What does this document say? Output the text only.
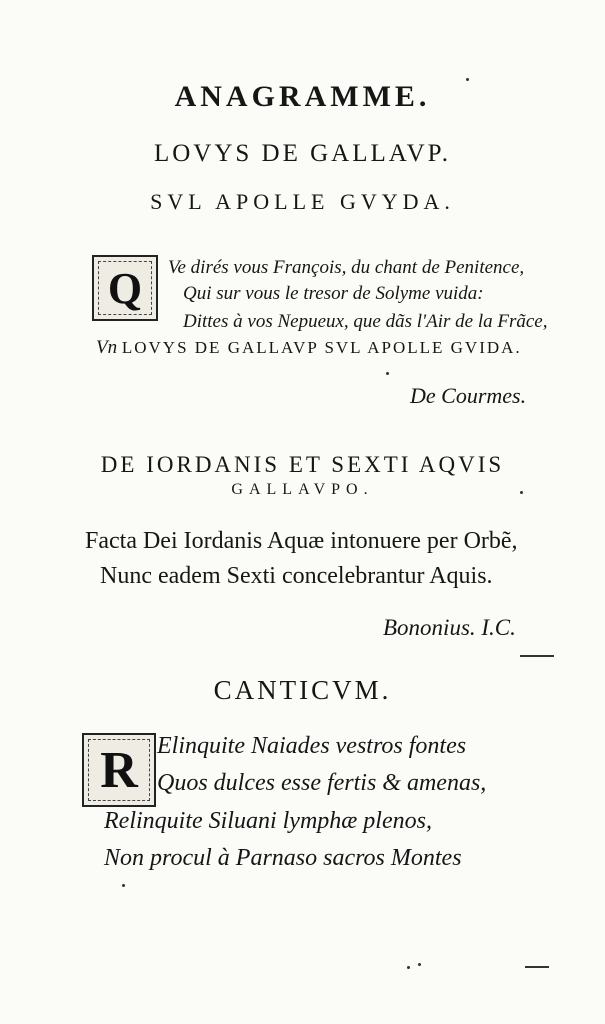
ANAGRAMME.
LOVYS DE GALLAVP.
SVL APOLLE GVYDA.
Q Ve dirés vous François, du chant de Penitence,
Qui sur vous le tresor de Solyme vuida:
Dittes à vos Nepueux, que dãs l'Air de la Frãce,
Vn LOVYS DE GALLAVP SVL APOLLE GVIDA.
De Courmes.
DE IORDANIS ET SEXTI AQVIS
GALLAVPO.
Facta Dei Iordanis Aquæ intonuere per Orbẽ,
Nunc eadem Sexti concelebrantur Aquis.
Bononius. I.C.
CANTICVM.
R Elinquite Naiades vestros fontes
Quos dulces esse fertis & amenas,
Relinquite Siluani lymphæ plenos,
Non procul à Parnaso sacros Montes
